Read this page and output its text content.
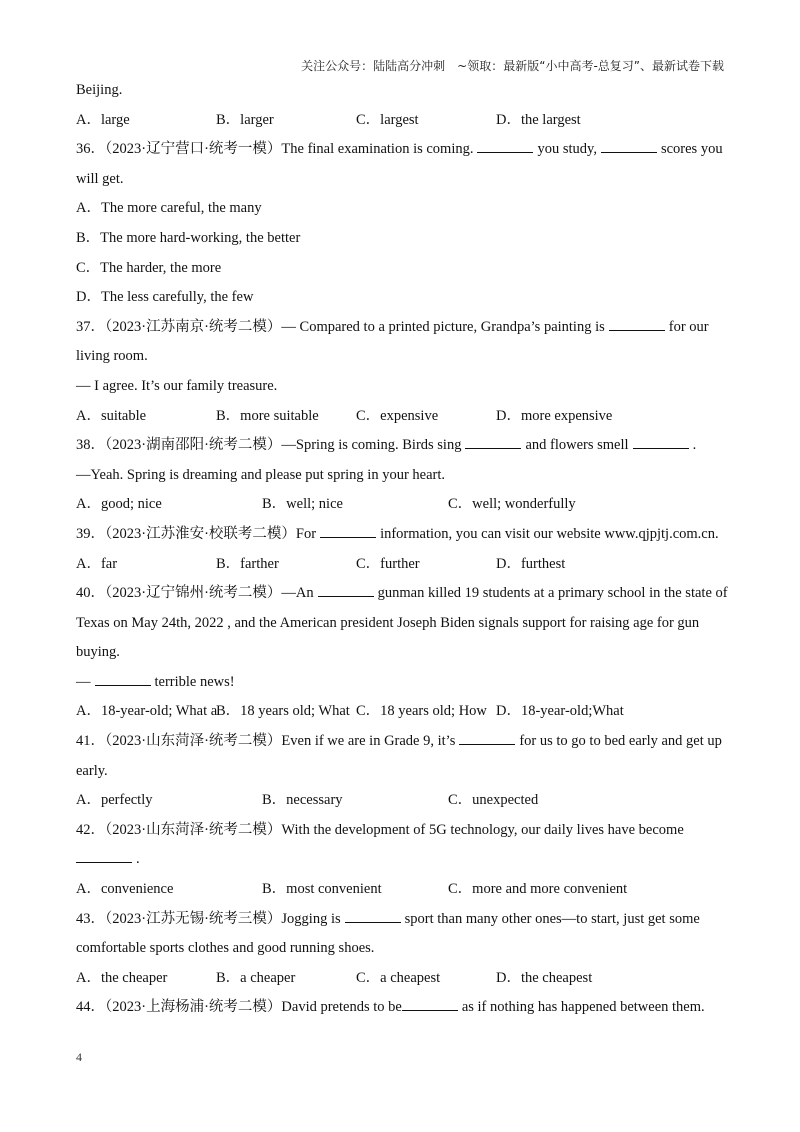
关注公众号：陆陆高分冲刺　~领取：最新版“小中高考-总复习”、最新试卷下载
Beijing.
A．large	B．larger	C．largest	D．the largest
36．（2023·辽宁营口·统考一模）The final examination is coming.	you study,	scores you
will get.
A．The more careful, the many
B．The more hard-working, the better
C．The harder, the more
D．The less carefully, the few
37．（2023·江苏南京·统考二模）— Compared to a printed picture, Grandpa’s painting is	for our
living room.
— I agree. It’s our family treasure.
A．suitable	B．more suitable	C．expensive	D．more expensive
38．（2023·湖南邵阳·统考二模）—Spring is coming. Birds sing	and flowers smell	.
—Yeah. Spring is dreaming and please put spring in your heart.
A．good; nice	B．well; nice	C．well; wonderfully
39．（2023·江苏淮安·校联考二模）For	information, you can visit our website www.qjpjtj.com.cn.
A．far	B．farther	C．further	D．furthest
40．（2023·辽宁锦州·统考二模）—An	gunman killed 19 students at a primary school in the state of
Texas on May 24th, 2022 , and the American president Joseph Biden signals support for raising age for gun
buying.
—	terrible news!
A．18-year-old; What a
B．18 years old; What C．18 years old; How D．18-year-old;What
41．（2023·山东菏泽·统考二模）Even if we are in Grade 9, it’s	for us to go to bed early and get up
early.
A．perfectly	B．necessary	C．unexpected
42．（2023·山东菏泽·统考二模）With the development of 5G technology, our daily lives have become
.
A．convenience	B．most convenient	C．more and more convenient
43．（2023·江苏无锡·统考三模）Jogging is	sport than many other ones—to start, just get some
comfortable sports clothes and good running shoes.
A．the cheaper	B．a cheaper	C．a cheapest	D．the cheapest
44．（2023·上海杨浦·统考二模）David pretends to be	as if nothing has happened between them.
4
